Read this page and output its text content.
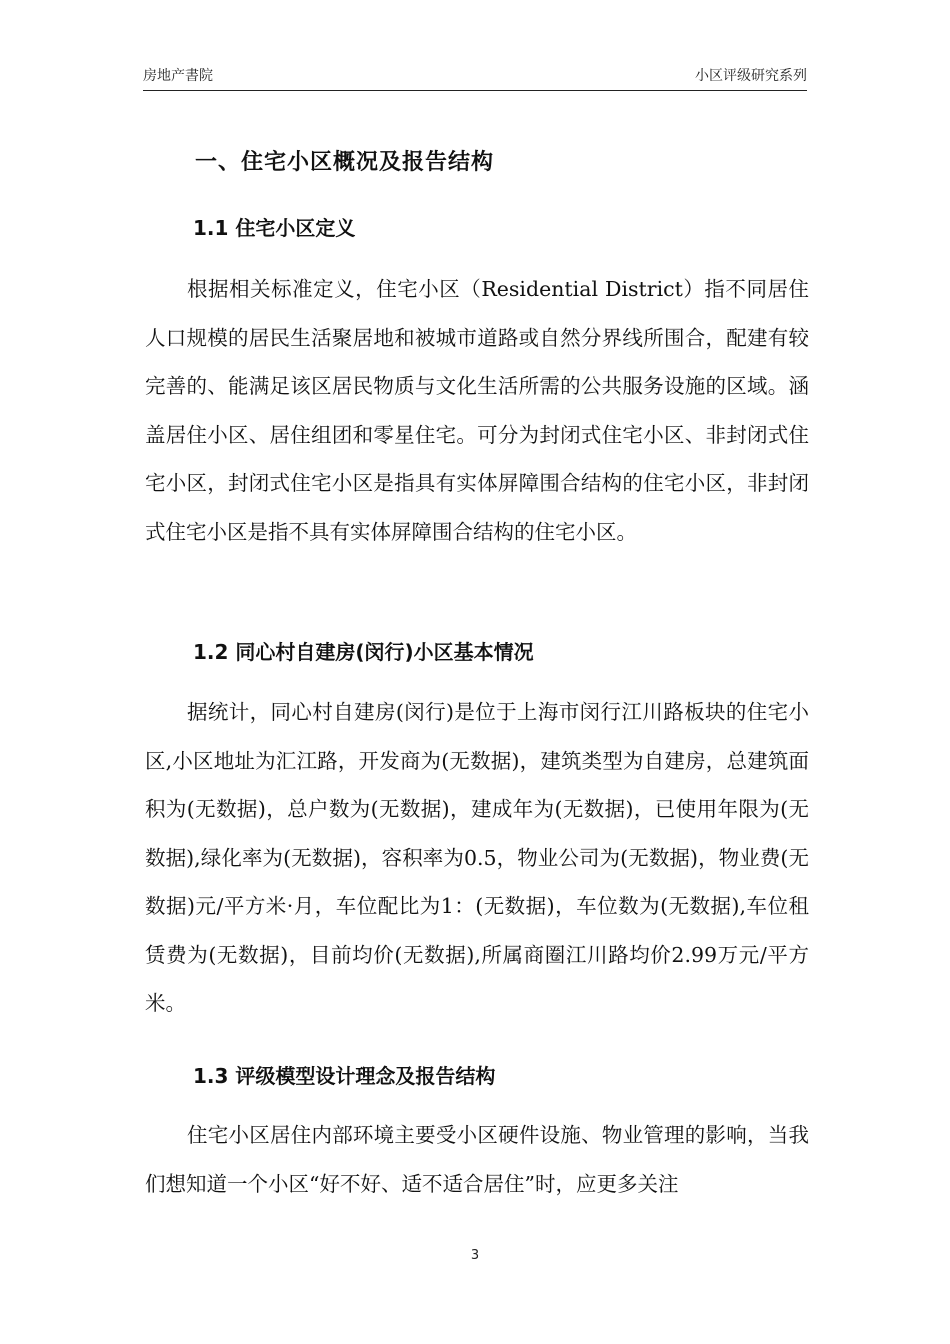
房地产書院	小区评级研究系列
一、住宅小区概况及报告结构
1.1 住宅小区定义

根据相关标准定义，住宅小区（Residential District）指不同居住人口规模的居民生活聚居地和被城市道路或自然分界线所围合，配建有较完善的、能满足该区居民物质与文化生活所需的公共服务设施的区域。涵盖居住小区、居住组团和零星住宅。可分为封闭式住宅小区、非封闭式住宅小区，封闭式住宅小区是指具有实体屏障围合结构的住宅小区，非封闭式住宅小区是指不具有实体屏障围合结构的住宅小区。

1.2 同心村自建房(闵行)小区基本情况

据统计，同心村自建房(闵行)是位于上海市闵行江川路板块的住宅小区,小区地址为汇江路，开发商为(无数据)，建筑类型为自建房，总建筑面积为(无数据)，总户数为(无数据)，建成年为(无数据)，已使用年限为(无数据),绿化率为(无数据)，容积率为0.5，物业公司为(无数据)，物业费(无数据)元/平方米·月，车位配比为1：(无数据)，车位数为(无数据),车位租赁费为(无数据)，目前均价(无数据),所属商圈江川路均价2.99万元/平方米。

1.3 评级模型设计理念及报告结构

住宅小区居住内部环境主要受小区硬件设施、物业管理的影响，当我们想知道一个小区“好不好、适不适合居住”时，应更多关注

3
